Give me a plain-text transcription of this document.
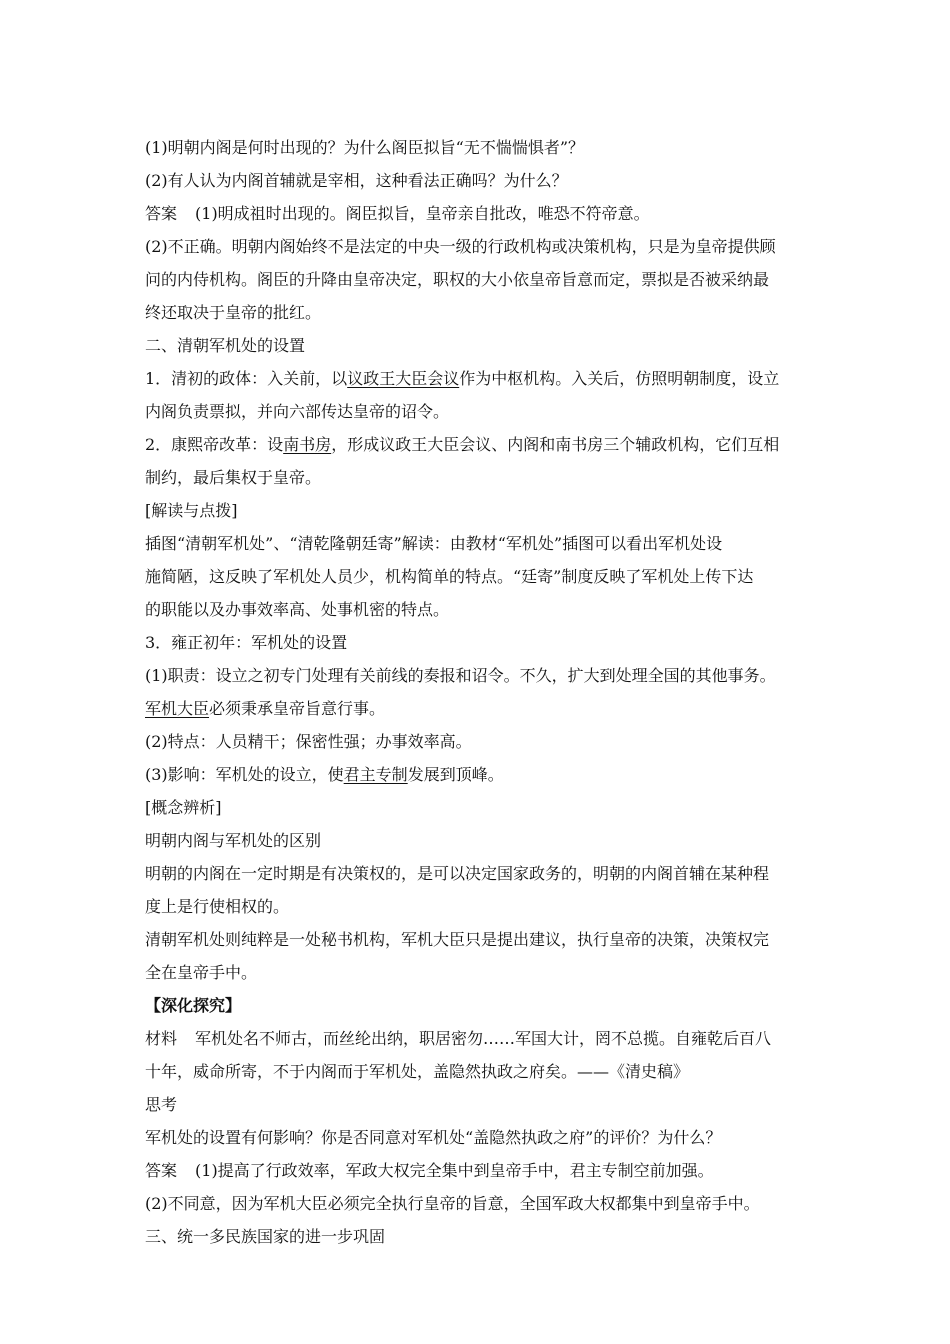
(1)明朝内阁是何时出现的？为什么阁臣拟旨“无不惴惴惧者”？
(2)有人认为内阁首辅就是宰相，这种看法正确吗？为什么？
答案 (1)明成祖时出现的。阁臣拟旨，皇帝亲自批改，唯恐不符帝意。
(2)不正确。明朝内阁始终不是法定的中央一级的行政机构或决策机构，只是为皇帝提供顾
问的内侍机构。阁臣的升降由皇帝决定，职权的大小依皇帝旨意而定，票拟是否被采纳最
终还取决于皇帝的批红。
二、清朝军机处的设置
1．清初的政体：入关前，以议政王大臣会议作为中枢机构。入关后，仿照明朝制度，设立
内阁负责票拟，并向六部传达皇帝的诏令。
2．康熙帝改革：设南书房，形成议政王大臣会议、内阁和南书房三个辅政机构，它们互相
制约，最后集权于皇帝。
[解读与点拨]
插图“清朝军机处”、“清乾隆朝廷寄”解读：由教材“军机处”插图可以看出军机处设
施简陋，这反映了军机处人员少，机构简单的特点。“廷寄”制度反映了军机处上传下达
的职能以及办事效率高、处事机密的特点。
3．雍正初年：军机处的设置
(1)职责：设立之初专门处理有关前线的奏报和诏令。不久，扩大到处理全国的其他事务。
军机大臣必须秉承皇帝旨意行事。
(2)特点：人员精干；保密性强；办事效率高。
(3)影响：军机处的设立，使君主专制发展到顶峰。
[概念辨析]
明朝内阁与军机处的区别
明朝的内阁在一定时期是有决策权的，是可以决定国家政务的，明朝的内阁首辅在某种程
度上是行使相权的。
清朝军机处则纯粹是一处秘书机构，军机大臣只是提出建议，执行皇帝的决策，决策权完
全在皇帝手中。
【深化探究】
材料 军机处名不师古，而丝纶出纳，职居密勿……军国大计，罔不总揽。自雍乾后百八
十年，威命所寄，不于内阁而于军机处，盖隐然执政之府矣。——《清史稿》
思考
军机处的设置有何影响？你是否同意对军机处“盖隐然执政之府”的评价？为什么？
答案 (1)提高了行政效率，军政大权完全集中到皇帝手中，君主专制空前加强。
(2)不同意，因为军机大臣必须完全执行皇帝的旨意，全国军政大权都集中到皇帝手中。
三、统一多民族国家的进一步巩固
